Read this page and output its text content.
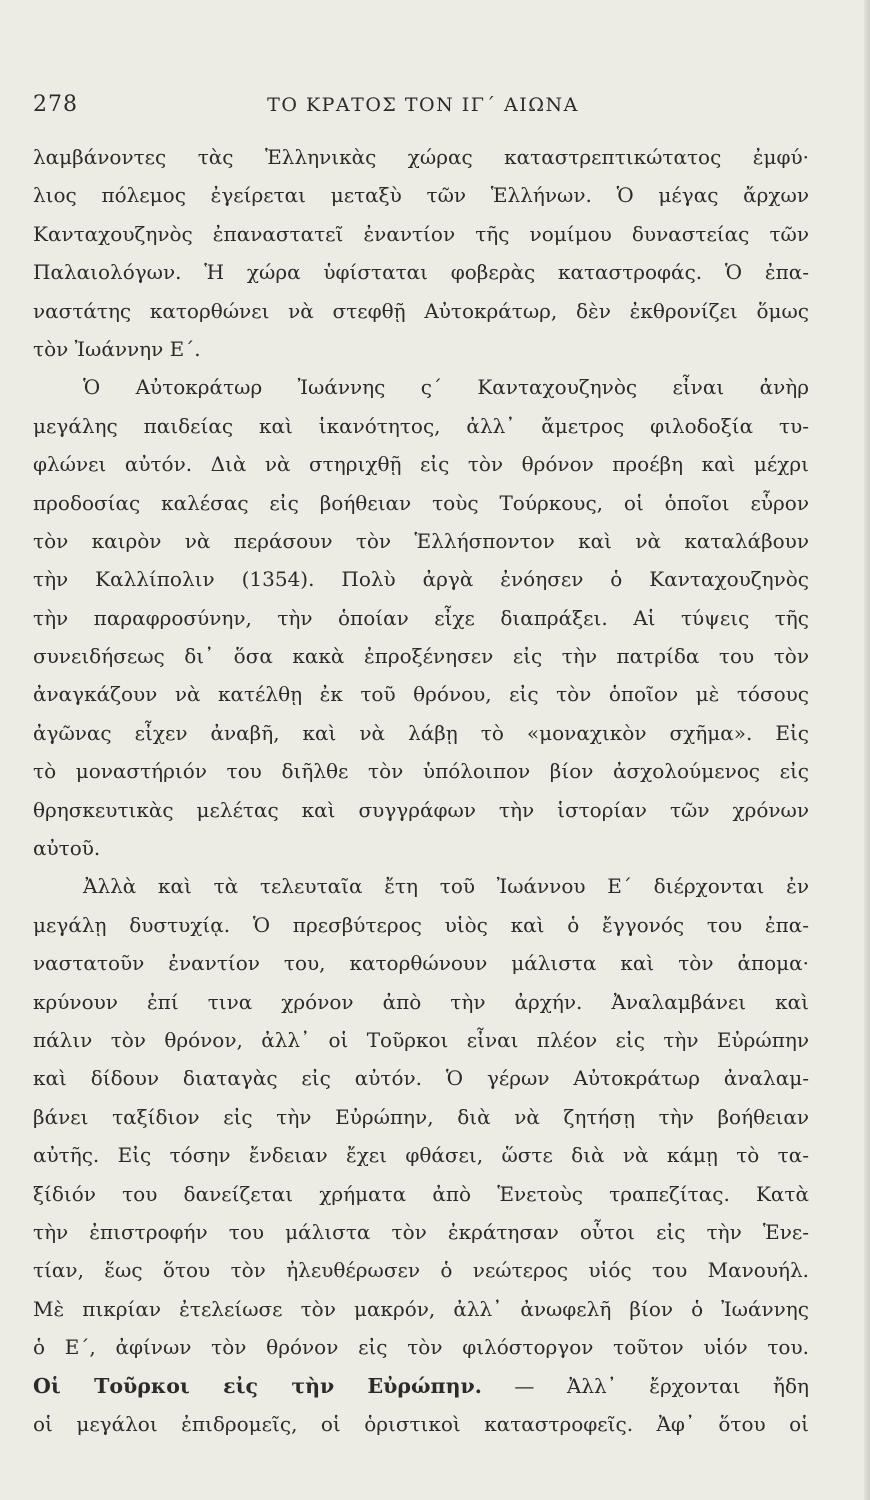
278	ΤΟ ΚΡΑΤΟΣ ΤΟΝ ΙΓ΄ ΑΙΩΝΑ
λαμβάνοντες τὰς Ἑλληνικὰς χώρας καταστρεπτικώτατος ἐμφύ·
λιος πόλεμος ἐγείρεται μεταξὺ τῶν Ἑλλήνων. Ὁ μέγας ἄρχων
Κανταχουζηνὸς ἐπαναστατεῖ ἐναντίον τῆς νομίμου δυναστείας τῶν
Παλαιολόγων. Ἡ χώρα ὑφίσταται φοβερὰς καταστροφάς. Ὁ ἐπα-
ναστάτης κατορθώνει νὰ στεφθῇ Αὐτοκράτωρ, δὲν ἐκθρονίζει ὅμως
τὸν Ἰωάννην Ε΄.
Ὁ Αὐτοκράτωρ Ἰωάννης ς΄ Κανταχουζηνὸς εἶναι ἀνὴρ
μεγάλης παιδείας καὶ ἱκανότητος, ἀλλ᾽ ἄμετρος φιλοδοξία τυ-
φλώνει αὐτόν. Διὰ νὰ στηριχθῇ εἰς τὸν θρόνον προέβη καὶ μέχρι
προδοσίας καλέσας εἰς βοήθειαν τοὺς Τούρκους, οἱ ὁποῖοι εὗρον
τὸν καιρὸν νὰ περάσουν τὸν Ἑλλήσποντον καὶ νὰ καταλάβουν
τὴν Καλλίπολιν (1354). Πολὺ ἀργὰ ἐνόησεν ὁ Κανταχουζηνὸς
τὴν παραφροσύνην, τὴν ὁποίαν εἶχε διαπράξει. Αἱ τύψεις τῆς
συνειδήσεως δι᾽ ὅσα κακὰ ἐπροξένησεν εἰς τὴν πατρίδα του τὸν
ἀναγκάζουν νὰ κατέλθῃ ἐκ τοῦ θρόνου, εἰς τὸν ὁποῖον μὲ τόσους
ἀγῶνας εἶχεν ἀναβῆ, καὶ νὰ λάβῃ τὸ «μοναχικὸν σχῆμα». Εἰς
τὸ μοναστήριόν του διῆλθε τὸν ὑπόλοιπον βίον ἀσχολούμενος εἰς
θρησκευτικὰς μελέτας καὶ συγγράφων τὴν ἱστορίαν τῶν χρόνων
αὐτοῦ.
Ἀλλὰ καὶ τὰ τελευταῖα ἔτη τοῦ Ἰωάννου Ε΄ διέρχονται ἐν
μεγάλῃ δυστυχίᾳ. Ὁ πρεσβύτερος υἱὸς καὶ ὁ ἔγγονός του ἐπα-
ναστατοῦν ἐναντίον του, κατορθώνουν μάλιστα καὶ τὸν ἀπομα·
κρύνουν ἐπί τινα χρόνον ἀπὸ τὴν ἀρχήν. Ἀναλαμβάνει καὶ
πάλιν τὸν θρόνον, ἀλλ᾽ οἱ Τοῦρκοι εἶναι πλέον εἰς τὴν Εὐρώπην
καὶ δίδουν διαταγὰς εἰς αὐτόν. Ὁ γέρων Αὐτοκράτωρ ἀναλαμ-
βάνει ταξίδιον εἰς τὴν Εὐρώπην, διὰ νὰ ζητήσῃ τὴν βοήθειαν
αὐτῆς. Εἰς τόσην ἔνδειαν ἔχει φθάσει, ὥστε διὰ νὰ κάμῃ τὸ τα-
ξίδιόν του δανείζεται χρήματα ἀπὸ Ἑνετοὺς τραπεζίτας. Κατὰ
τὴν ἐπιστροφήν του μάλιστα τὸν ἐκράτησαν οὗτοι εἰς τὴν Ἑνε-
τίαν, ἕως ὅτου τὸν ἠλευθέρωσεν ὁ νεώτερος υἱός του Μανουήλ.
Μὲ πικρίαν ἐτελείωσε τὸν μακρόν, ἀλλ᾽ ἀνωφελῆ βίον ὁ Ἰωάννης
ὁ Ε΄, ἀφίνων τὸν θρόνον εἰς τὸν φιλόστοργον τοῦτον υἱόν του.
Οἱ Τοῦρκοι εἰς τὴν Εὐρώπην. — Ἀλλ᾽ ἔρχονται ἤδη
οἱ μεγάλοι ἐπιδρομεῖς, οἱ ὁριστικοὶ καταστροφεῖς. Ἀφ᾽ ὅτου οἱ
